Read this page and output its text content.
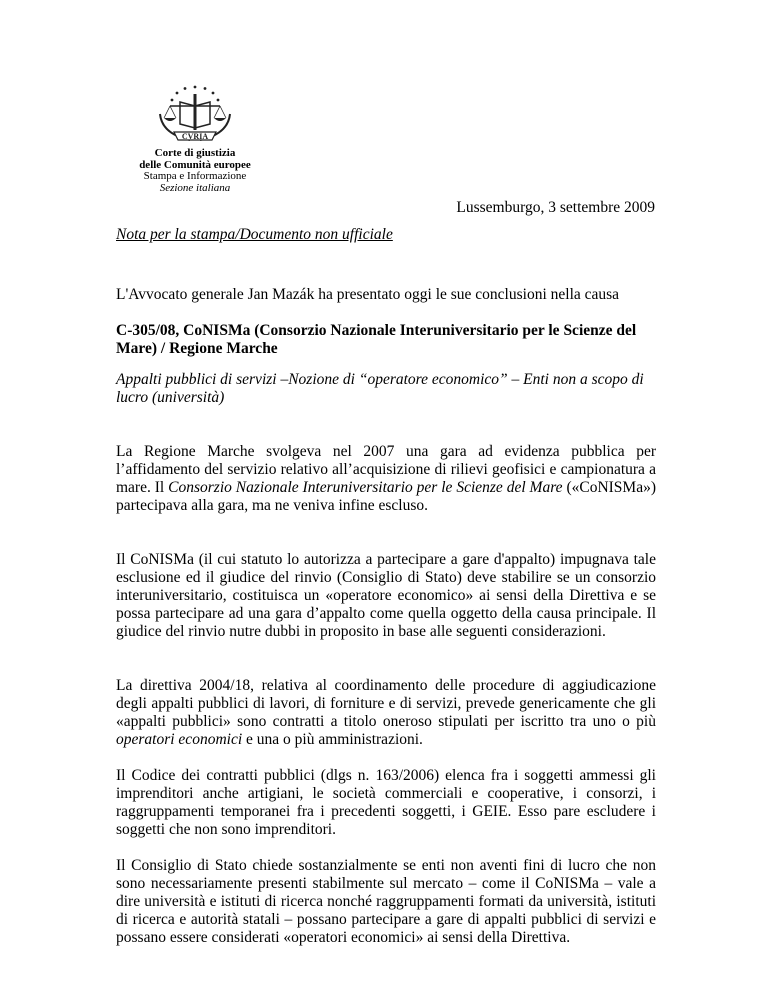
CVRIA
Corte di giustizia
delle Comunità europee
Stampa e Informazione
Sezione italiana
Lussemburgo, 3 settembre 2009
Nota per la stampa/Documento non ufficiale

L'Avvocato generale Jan Mazák ha presentato oggi le sue conclusioni nella causa

C-305/08, CoNISMa (Consorzio Nazionale Interuniversitario per le Scienze del Mare) / Regione Marche

Appalti pubblici di servizi –Nozione di “operatore economico” – Enti non a scopo di lucro (università)

La Regione Marche svolgeva nel 2007 una gara ad evidenza pubblica per l’affidamento del servizio relativo all’acquisizione di rilievi geofisici e campionatura a mare. Il Consorzio Nazionale Interuniversitario per le Scienze del Mare («CoNISMa») partecipava alla gara, ma ne veniva infine escluso.

Il CoNISMa (il cui statuto lo autorizza a partecipare a gare d'appalto) impugnava tale esclusione ed il giudice del rinvio (Consiglio di Stato) deve stabilire se un consorzio interuniversitario, costituisca un «operatore economico» ai sensi della Direttiva e se possa partecipare ad una gara d’appalto come quella oggetto della causa principale. Il giudice del rinvio nutre dubbi in proposito in base alle seguenti considerazioni.

La direttiva 2004/18, relativa al coordinamento delle procedure di aggiudicazione degli appalti pubblici di lavori, di forniture e di servizi, prevede genericamente che gli «appalti pubblici» sono contratti a titolo oneroso stipulati per iscritto tra uno o più operatori economici e una o più amministrazioni.

Il Codice dei contratti pubblici (dlgs n. 163/2006) elenca fra i soggetti ammessi gli imprenditori anche artigiani, le società commerciali e cooperative, i consorzi, i raggruppamenti temporanei fra i precedenti soggetti, i GEIE. Esso pare escludere i soggetti che non sono imprenditori.

Il Consiglio di Stato chiede sostanzialmente se enti non aventi fini di lucro che non sono necessariamente presenti stabilmente sul mercato – come il CoNISMa – vale a dire università e istituti di ricerca nonché raggruppamenti formati da università, istituti di ricerca e autorità statali – possano partecipare a gare di appalti pubblici di servizi e possano essere considerati «operatori economici» ai sensi della Direttiva.
